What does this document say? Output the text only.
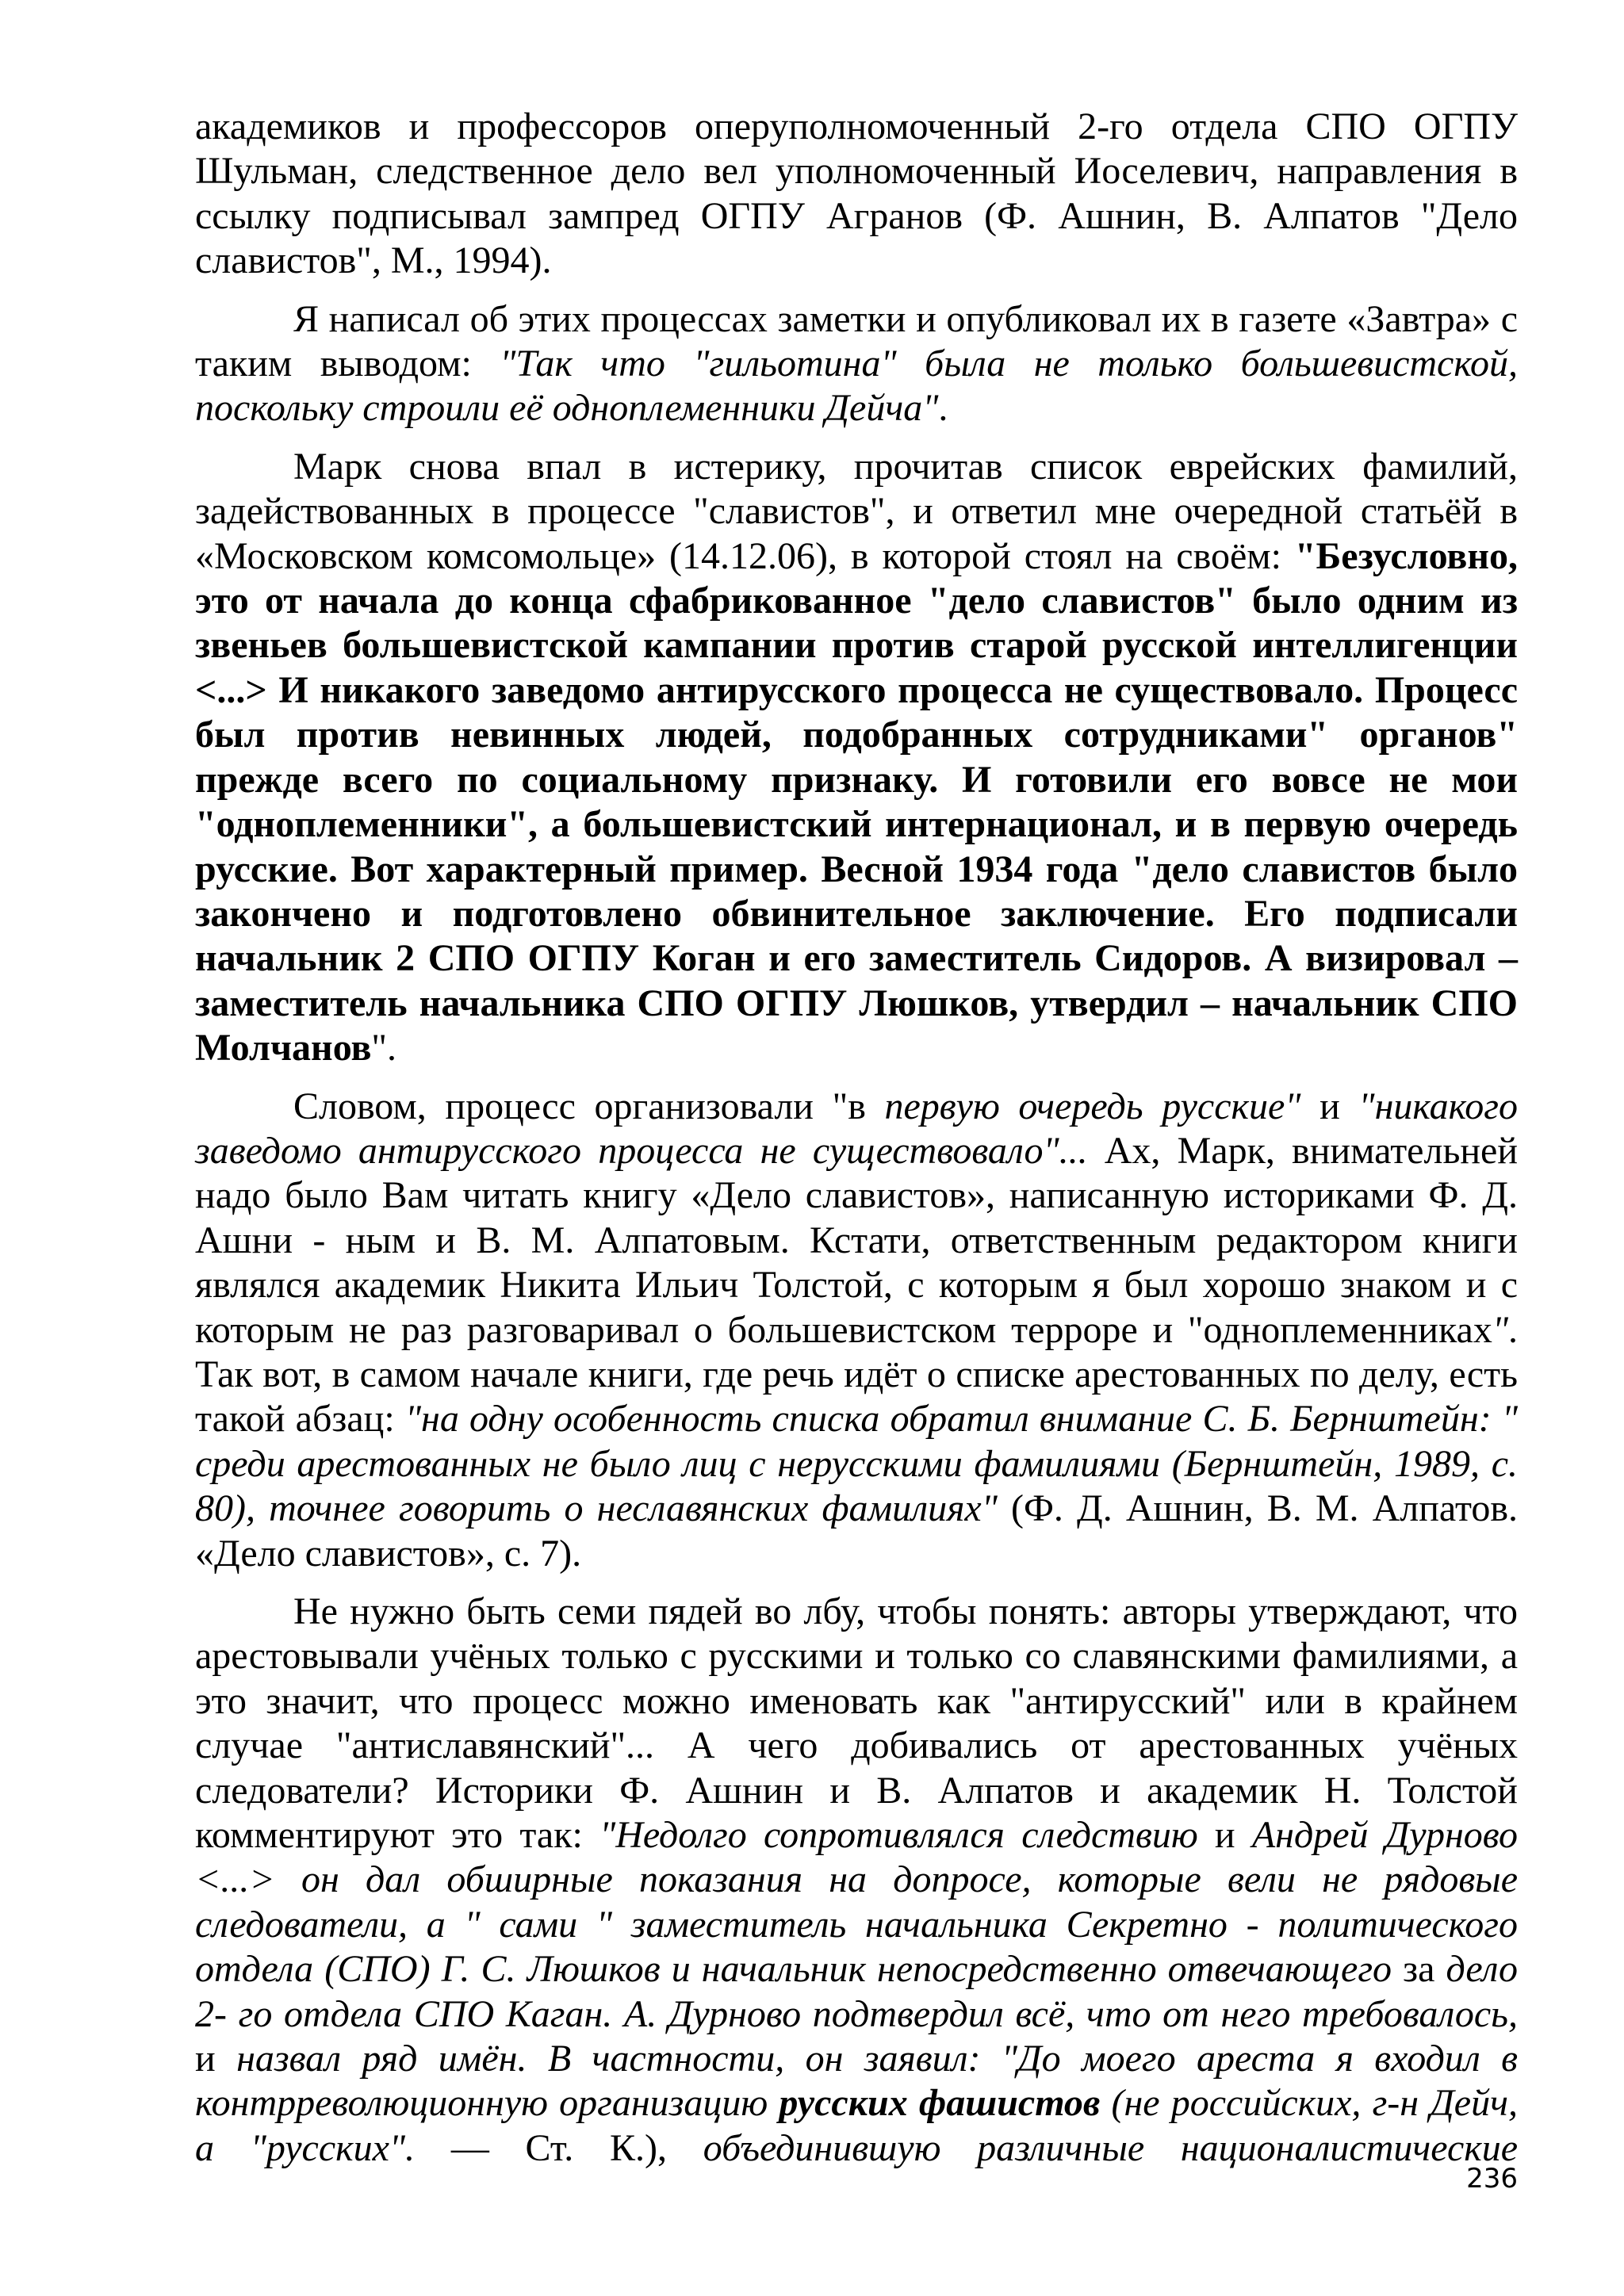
академиков и профессоров оперуполномоченный 2-го отдела СПО ОГПУ Шульман, следственное дело вел уполномоченный Иоселевич, направления в ссылку подписывал зампред ОГПУ Агранов (Ф. Ашнин, В. Алпатов "Дело славистов", М., 1994).

Я написал об этих процессах заметки и опубликовал их в газете «Завтра» с таким выводом: "Так что "гильотина" была не только большевистской, поскольку строили её одноплеменники Дейча".

Марк снова впал в истерику, прочитав список еврейских фамилий, задействованных в процессе "славистов", и ответил мне очередной статьёй в «Московском комсомольце» (14.12.06), в которой стоял на своём: "Безусловно, это от начала до конца сфабрикованное "дело славистов" было одним из звеньев большевистской кампании против старой русской интеллигенции <...> И никакого заведомо антирусского процесса не существовало. Процесс был против невинных людей, подобранных сотрудниками" органов" прежде всего по социальному признаку. И готовили его вовсе не мои "одноплеменники", а большевистский интернационал, и в первую очередь русские. Вот характерный пример. Весной 1934 года "дело славистов было закончено и подготовлено обвинительное заключение. Его подписали начальник 2 СПО ОГПУ Коган и его заместитель Сидоров. А визировал – заместитель начальника СПО ОГПУ Люшков, утвердил – начальник СПО Молчанов".

Словом, процесс организовали "в первую очередь русские" и "никакого заведомо антирусского процесса не существовало"... Ах, Марк, внимательней надо было Вам читать книгу «Дело славистов», написанную историками Ф. Д. Ашни - ным и В. М. Алпатовым. Кстати, ответственным редактором книги являлся академик Никита Ильич Толстой, с которым я был хорошо знаком и с которым не раз разговаривал о большевистском терроре и "одноплеменниках". Так вот, в самом начале книги, где речь идёт о списке арестованных по делу, есть такой абзац: "на одну особенность списка обратил внимание С. Б. Бернштейн: " среди арестованных не было лиц с нерусскими фамилиями (Бернштейн, 1989, с. 80), точнее говорить о неславянских фамилиях" (Ф. Д. Ашнин, В. М. Алпатов. «Дело славистов», с. 7).

Не нужно быть семи пядей во лбу, чтобы понять: авторы утверждают, что арестовывали учёных только с русскими и только со славянскими фамилиями, а это значит, что процесс можно именовать как "антирусский" или в крайнем случае "антиславянский"... А чего добивались от арестованных учёных следователи? Историки Ф. Ашнин и В. Алпатов и академик Н. Толстой комментируют это так: "Недолго сопротивлялся следствию и Андрей Дурново <...> он дал обширные показания на допросе, которые вели не рядовые следователи, а " сами " заместитель начальника Секретно - политического отдела (СПО) Г. С. Люшков и начальник непосредственно отвечающего за дело 2- го отдела СПО Каган. А. Дурново подтвердил всё, что от него требовалось, и назвал ряд имён. В частности, он заявил: "До моего ареста я входил в контрреволюционную организацию русских фашистов (не российских, г-н Дейч, а "русских". — Ст. К.), объединившую различные националистические

236
